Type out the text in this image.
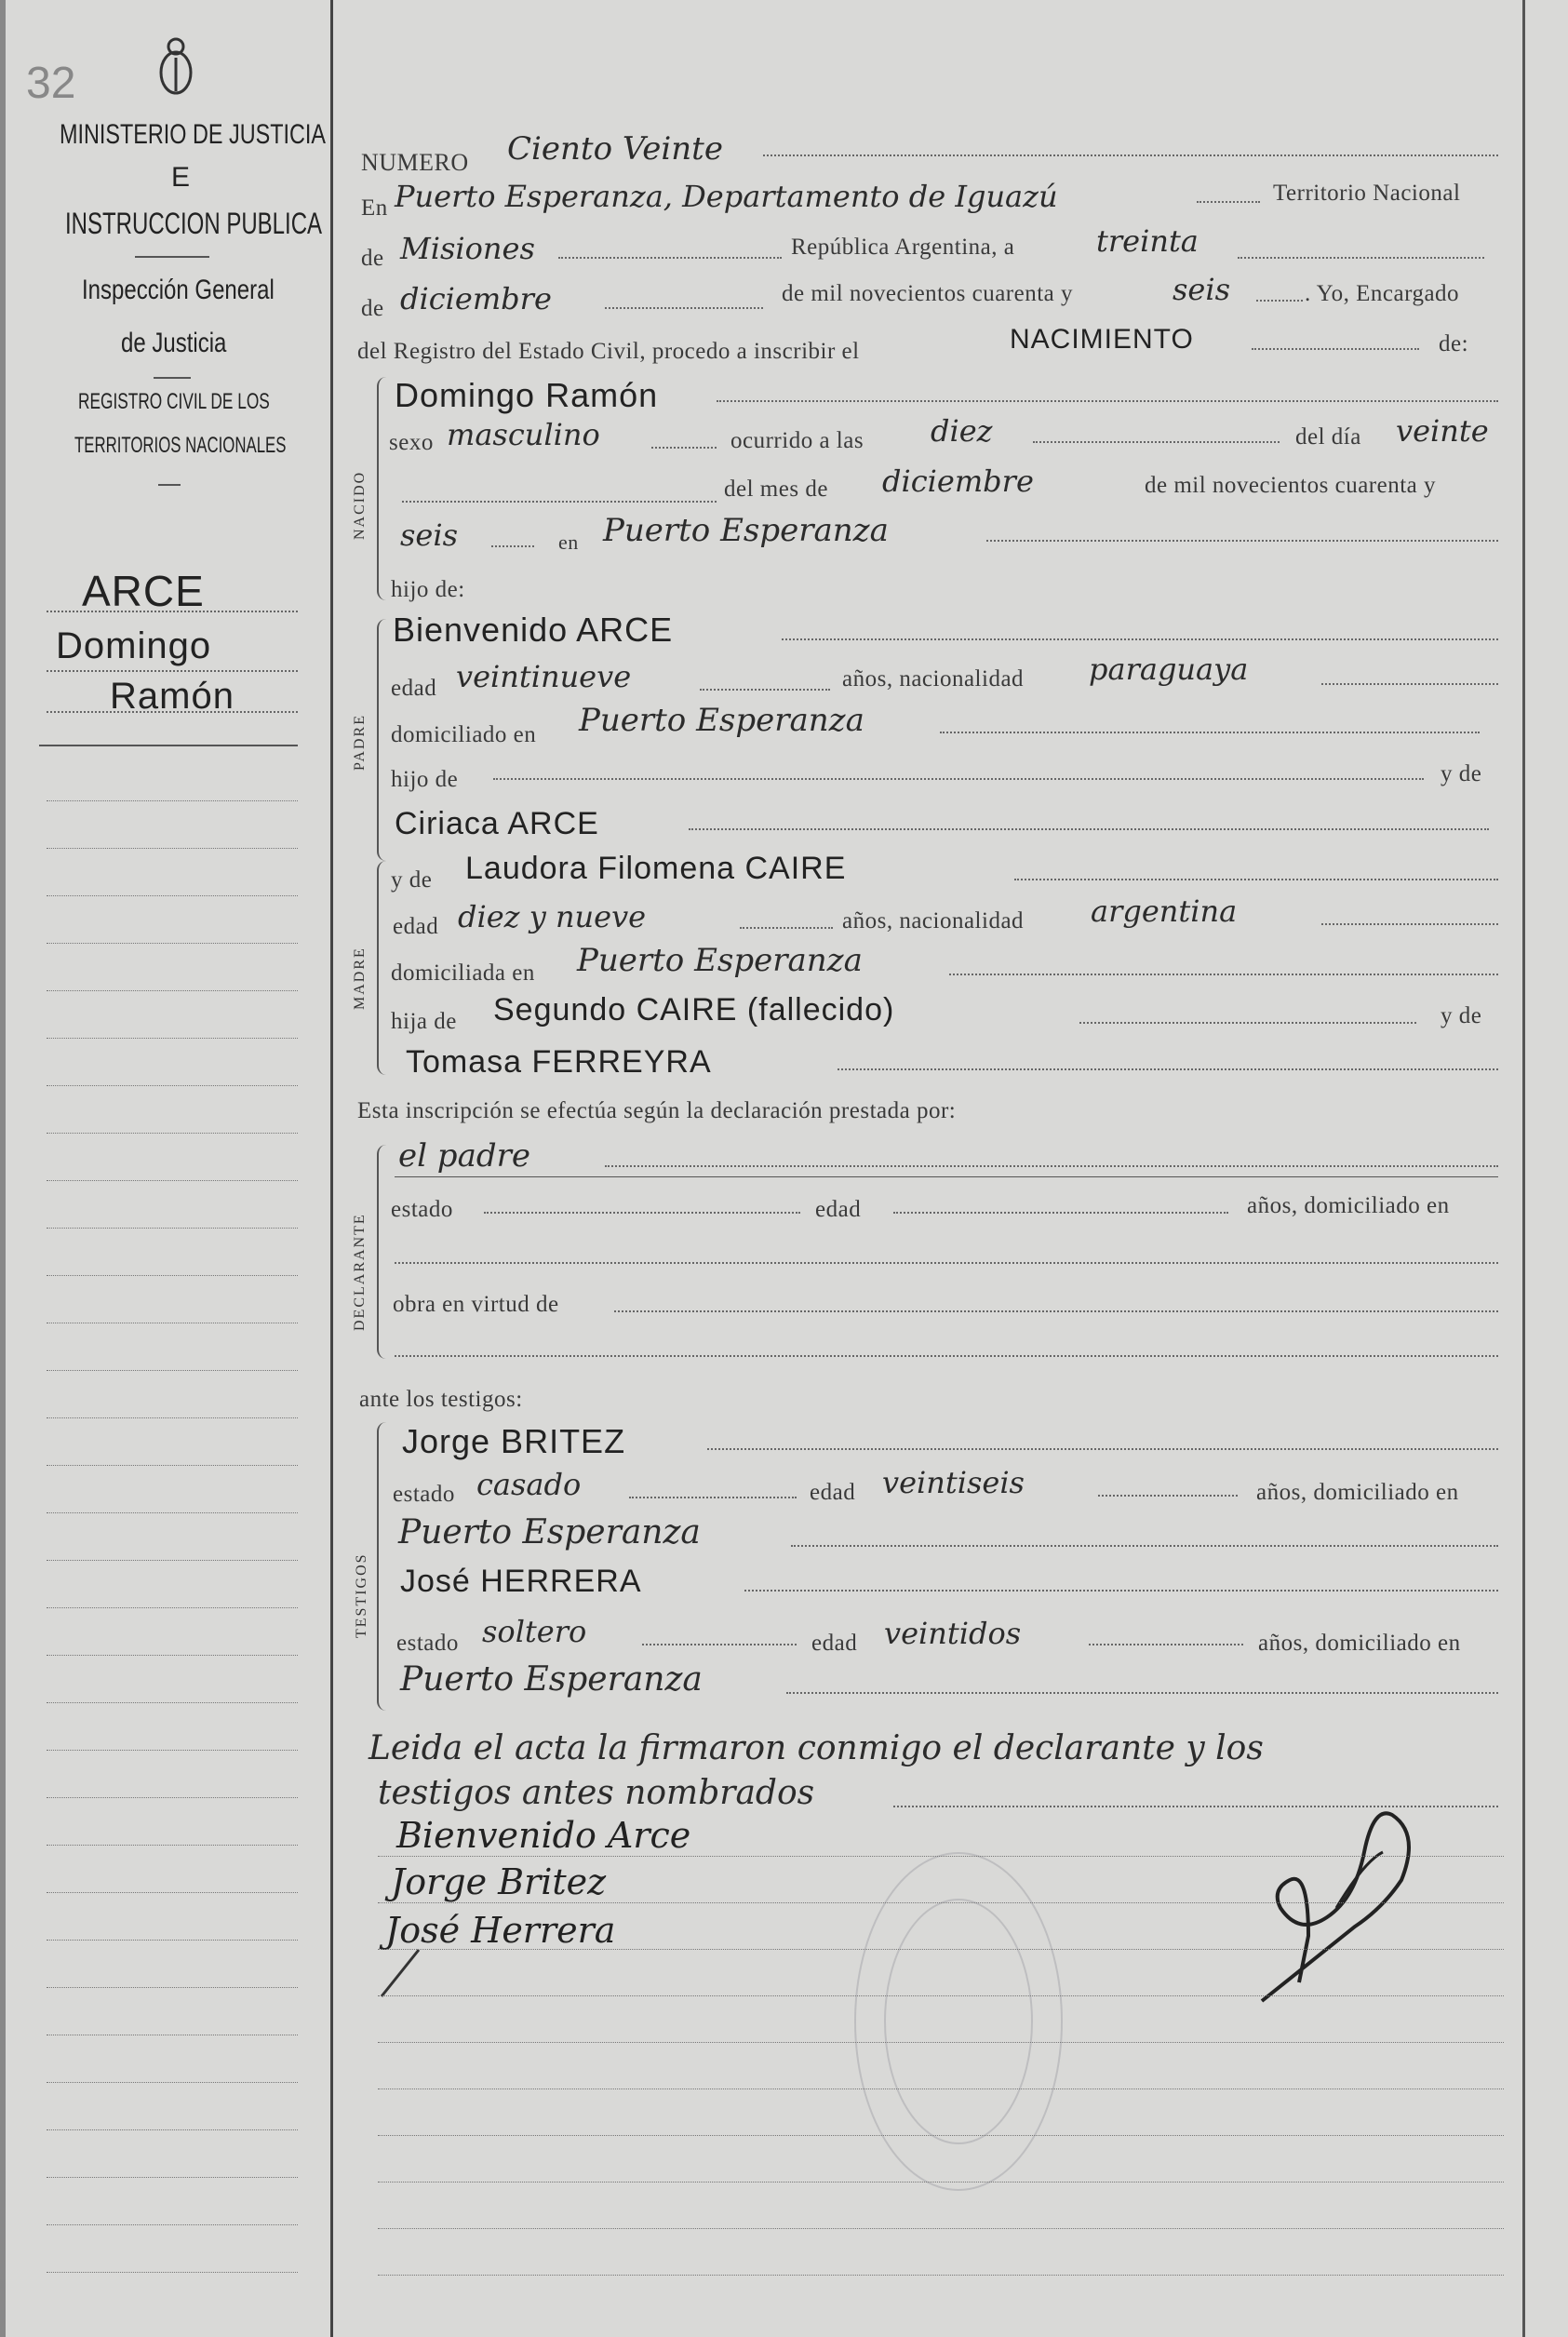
32
MINISTERIO DE JUSTICIA
E
INSTRUCCION PUBLICA
Inspección General
de Justicia
REGISTRO CIVIL DE LOS
TERRITORIOS NACIONALES
ARCE
Domingo
Ramón
NUMERO Ciento Veinte
En Puerto Esperanza, Departamento de Iguazú	Territorio Nacional
de Misiones	República Argentina, a	treinta
de diciembre	de mil novecientos cuarenta y	seis	. Yo, Encargado
del Registro del Estado Civil, procedo a inscribir el	NACIMIENTO	de:
NACIDO
Domingo Ramón
sexo masculino	ocurrido a las diez	del día veinte
del mes de diciembre	de mil novecientos cuarenta y
seis	en Puerto Esperanza
hijo de:
PADRE
Bienvenido ARCE
edad veintinueve	años, nacionalidad paraguaya
domiciliado en Puerto Esperanza
hijo de	y de
Ciriaca ARCE
MADRE
y de Laudora Filomena CAIRE
edad diez y nueve	años, nacionalidad argentina
domiciliada en Puerto Esperanza
hija de Segundo CAIRE (fallecido)	y de
Tomasa FERREYRA
Esta inscripción se efectúa según la declaración prestada por:
DECLARANTE
el padre
estado	edad	años, domiciliado en
obra en virtud de
ante los testigos:
TESTIGOS
Jorge BRITEZ
estado casado	edad veintiseis	años, domiciliado en
Puerto Esperanza
José HERRERA
estado soltero	edad veintidos	años, domiciliado en
Puerto Esperanza
Leida el acta la firmaron conmigo el declarante y los
testigos antes nombrados
Bienvenido Arce
Jorge Britez
José Herrera
